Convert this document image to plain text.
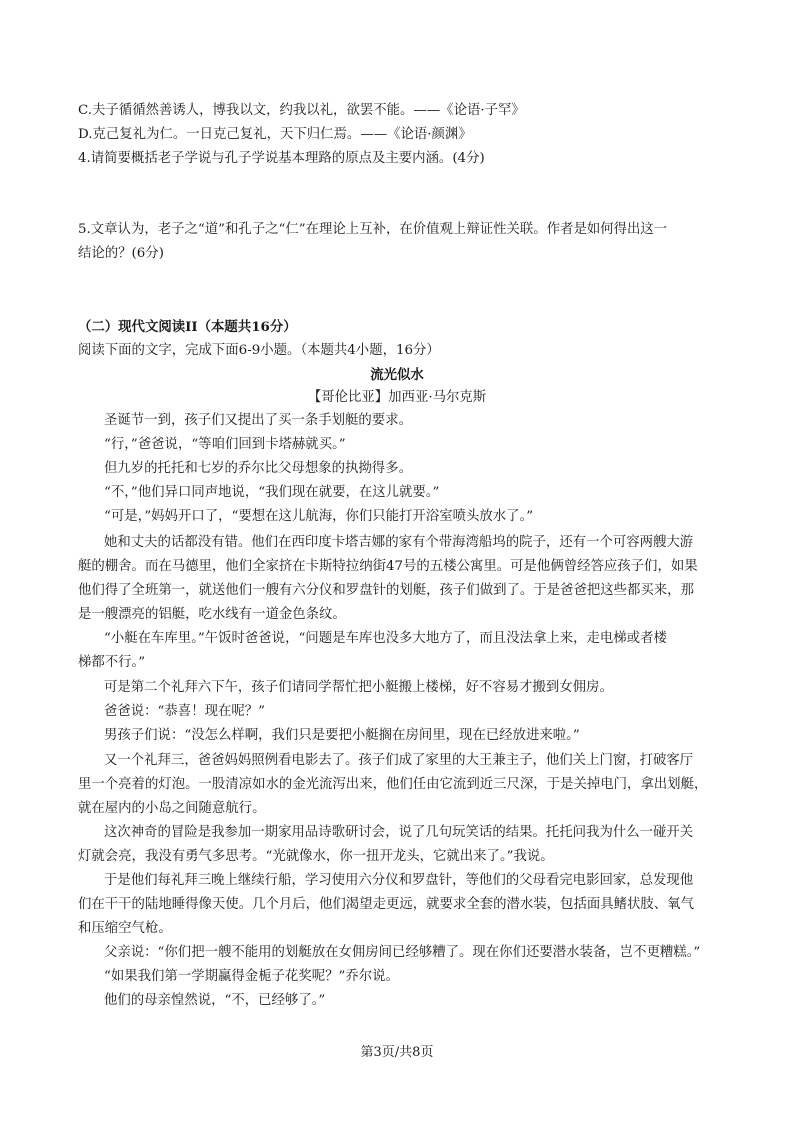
C.夫子循循然善诱人，博我以文，约我以礼，欲罢不能。——《论语·子罕》
D.克己复礼为仁。一日克己复礼，天下归仁焉。——《论语·颜渊》
4.请简要概括老子学说与孔子学说基本理路的原点及主要内涵。(4分)
5.文章认为，老子之“道”和孔子之“仁”在理论上互补，在价值观上辩证性关联。作者是如何得出这一
结论的？(6分)
（二）现代文阅读II（本题共16分）
阅读下面的文字，完成下面6-9小题。（本题共4小题，16分）
流光似水
【哥伦比亚】加西亚·马尔克斯
圣诞节一到，孩子们又提出了买一条手划艇的要求。
“行，”爸爸说，“等咱们回到卡塔赫就买。”
但九岁的托托和七岁的乔尔比父母想象的执拗得多。
“不，”他们异口同声地说，“我们现在就要，在这儿就要。”
“可是，”妈妈开口了，“要想在这儿航海，你们只能打开浴室喷头放水了。”
她和丈夫的话都没有错。他们在西印度卡塔吉娜的家有个带海湾船坞的院子，还有一个可容两艘大游
艇的棚舍。而在马德里，他们全家挤在卡斯特拉纳街47号的五楼公寓里。可是他俩曾经答应孩子们，如果
他们得了全班第一，就送他们一艘有六分仪和罗盘针的划艇，孩子们做到了。于是爸爸把这些都买来，那
是一艘漂亮的铝艇，吃水线有一道金色条纹。
“小艇在车库里。”午饭时爸爸说，“问题是车库也没多大地方了，而且没法拿上来，走电梯或者楼
梯都不行。”
可是第二个礼拜六下午，孩子们请同学帮忙把小艇搬上楼梯，好不容易才搬到女佣房。
爸爸说：“恭喜！现在呢？”
男孩子们说：“没怎么样啊，我们只是要把小艇搁在房间里，现在已经放进来啦。”
又一个礼拜三，爸爸妈妈照例看电影去了。孩子们成了家里的大王兼主子，他们关上门窗，打破客厅
里一个亮着的灯泡。一股清凉如水的金光流泻出来，他们任由它流到近三尺深，于是关掉电门，拿出划艇，
就在屋内的小岛之间随意航行。
这次神奇的冒险是我参加一期家用品诗歌研讨会，说了几句玩笑话的结果。托托问我为什么一碰开关
灯就会亮，我没有勇气多思考。“光就像水，你一扭开龙头，它就出来了。”我说。
于是他们每礼拜三晚上继续行船，学习使用六分仪和罗盘针，等他们的父母看完电影回家，总发现他
们在干干的陆地睡得像天使。几个月后，他们渴望走更远，就要求全套的潜水装，包括面具鳍状肢、氧气
和压缩空气枪。
父亲说：“你们把一艘不能用的划艇放在女佣房间已经够糟了。现在你们还要潜水装备，岂不更糟糕。”
“如果我们第一学期赢得金栀子花奖呢？”乔尔说。
他们的母亲惶然说，“不，已经够了。”
第3页/共8页
